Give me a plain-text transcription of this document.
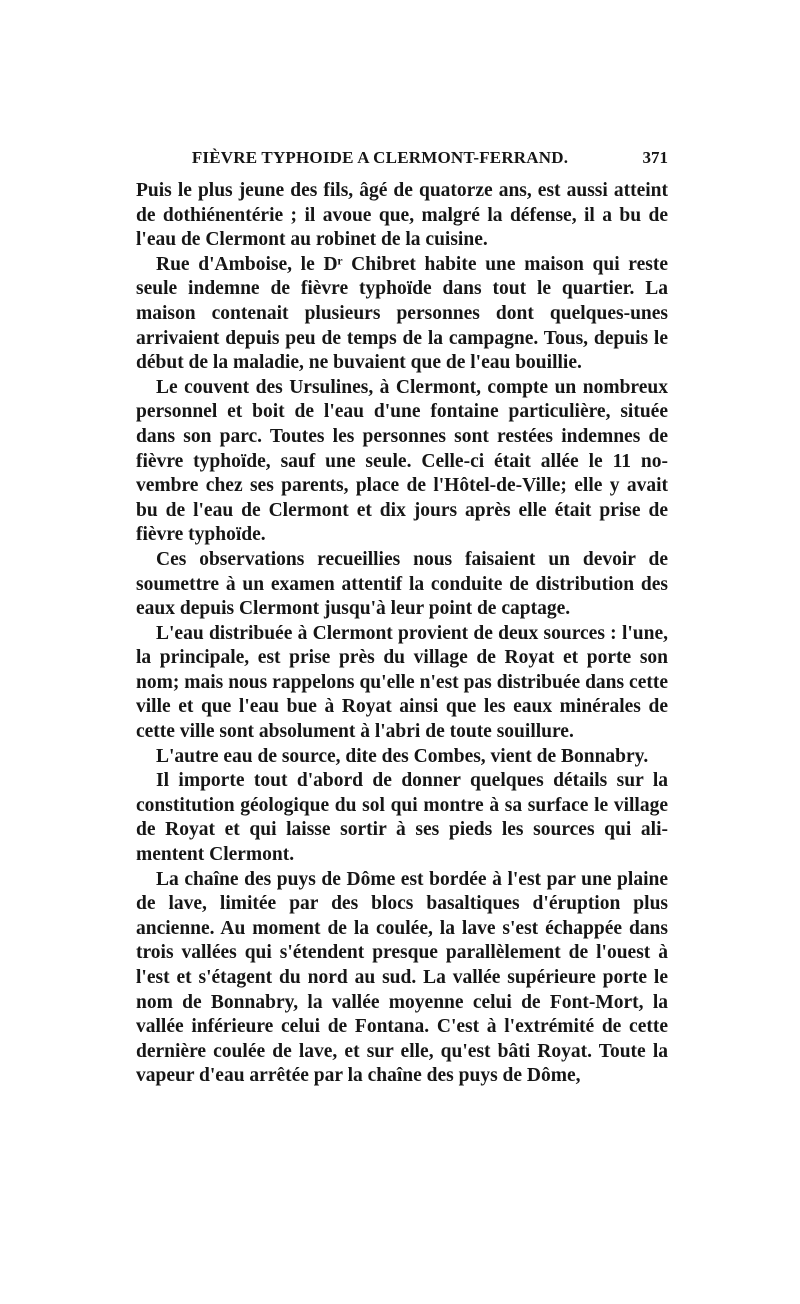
FIÈVRE TYPHOIDE A CLERMONT-FERRAND.	371

Puis le plus jeune des fils, âgé de quatorze ans, est aussi atteint de dothiénentérie ; il avoue que, malgré la défense, il a bu de l'eau de Clermont au robinet de la cuisine.

Rue d'Amboise, le Dʳ Chibret habite une maison qui reste seule indemne de fièvre typhoïde dans tout le quartier. La maison contenait plusieurs personnes dont quelques-unes arrivaient depuis peu de temps de la campagne. Tous, depuis le début de la maladie, ne buvaient que de l'eau bouillie.

Le couvent des Ursulines, à Clermont, compte un nombreux personnel et boit de l'eau d'une fontaine particulière, située dans son parc. Toutes les personnes sont restées indemnes de fièvre typhoïde, sauf une seule. Celle-ci était allée le 11 novembre chez ses parents, place de l'Hôtel-de-Ville; elle y avait bu de l'eau de Clermont et dix jours après elle était prise de fièvre typhoïde.

Ces observations recueillies nous faisaient un devoir de soumettre à un examen attentif la conduite de distribution des eaux depuis Clermont jusqu'à leur point de captage.

L'eau distribuée à Clermont provient de deux sources : l'une, la principale, est prise près du village de Royat et porte son nom; mais nous rappelons qu'elle n'est pas distribuée dans cette ville et que l'eau bue à Royat ainsi que les eaux minérales de cette ville sont absolument à l'abri de toute souillure.

L'autre eau de source, dite des Combes, vient de Bonnabry.

Il importe tout d'abord de donner quelques détails sur la constitution géologique du sol qui montre à sa surface le village de Royat et qui laisse sortir à ses pieds les sources qui alimentent Clermont.

La chaîne des puys de Dôme est bordée à l'est par une plaine de lave, limitée par des blocs basaltiques d'éruption plus ancienne. Au moment de la coulée, la lave s'est échappée dans trois vallées qui s'étendent presque parallèlement de l'ouest à l'est et s'étagent du nord au sud. La vallée supérieure porte le nom de Bonnabry, la vallée moyenne celui de Font-Mort, la vallée inférieure celui de Fontana. C'est à l'extrémité de cette dernière coulée de lave, et sur elle, qu'est bâti Royat. Toute la vapeur d'eau arrêtée par la chaîne des puys de Dôme,
